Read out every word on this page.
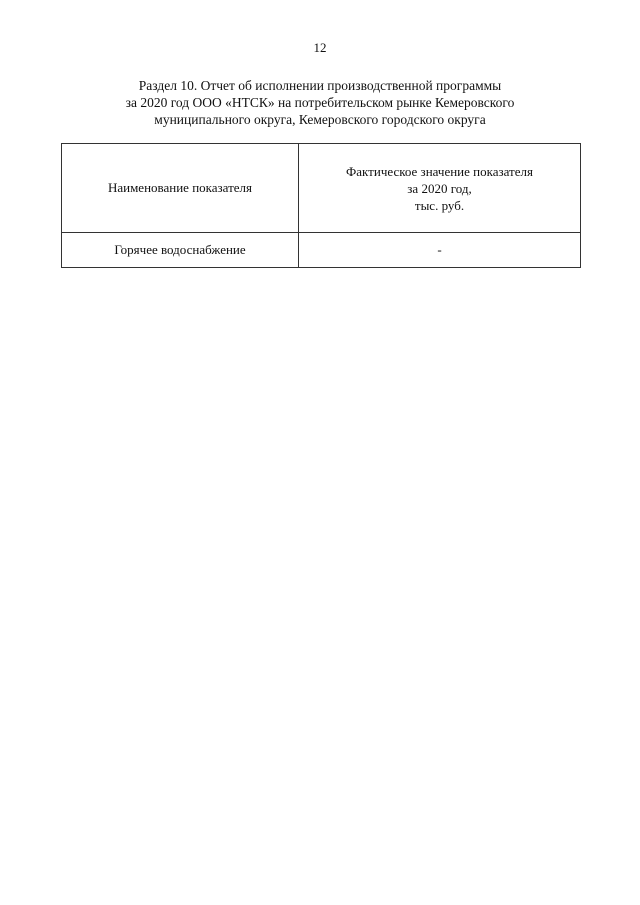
12
Раздел 10. Отчет об исполнении производственной программы
за 2020 год ООО «НТСК» на потребительском рынке Кемеровского
муниципального округа, Кемеровского городского округа
Наименование показателя	Фактическое значение показателя
за 2020 год,
тыс. руб.

Горячее водоснабжение	-
